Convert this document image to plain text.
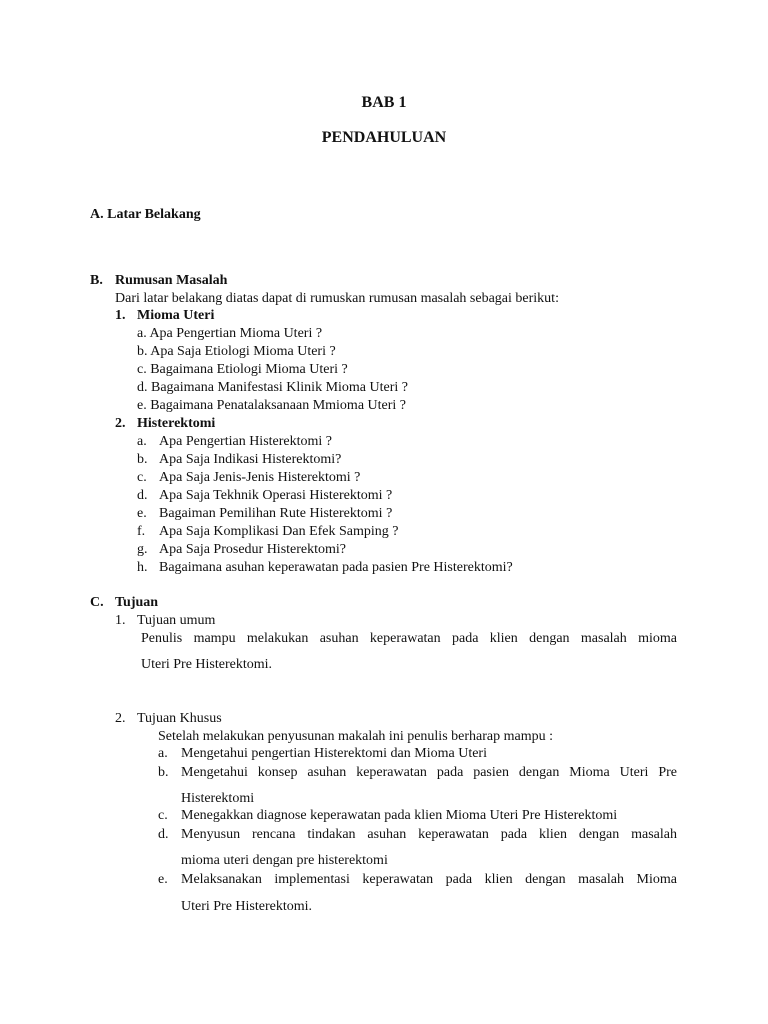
BAB 1
PENDAHULUAN
A. Latar Belakang
B. Rumusan Masalah
Dari latar belakang diatas dapat di rumuskan rumusan masalah sebagai berikut:
1. Mioma Uteri
a. Apa Pengertian Mioma Uteri ?
b. Apa Saja Etiologi Mioma Uteri ?
c. Bagaimana Etiologi Mioma Uteri ?
d. Bagaimana Manifestasi Klinik Mioma Uteri ?
e. Bagaimana Penatalaksanaan Mmioma Uteri ?
2. Histerektomi
a. Apa Pengertian Histerektomi ?
b. Apa Saja Indikasi Histerektomi?
c. Apa Saja Jenis-Jenis Histerektomi ?
d. Apa Saja Tekhnik Operasi Histerektomi ?
e. Bagaiman Pemilihan Rute Histerektomi ?
f. Apa Saja Komplikasi Dan Efek Samping ?
g. Apa Saja Prosedur Histerektomi?
h. Bagaimana asuhan keperawatan pada pasien Pre Histerektomi?
C. Tujuan
1. Tujuan umum
Penulis mampu melakukan asuhan keperawatan pada klien dengan masalah mioma
Uteri Pre Histerektomi.
2. Tujuan Khusus
Setelah melakukan penyusunan makalah ini penulis berharap mampu :
a. Mengetahui pengertian Histerektomi dan Mioma Uteri
b. Mengetahui konsep asuhan keperawatan pada pasien dengan Mioma Uteri Pre
Histerektomi
c. Menegakkan diagnose keperawatan pada klien Mioma Uteri Pre Histerektomi
d. Menyusun rencana tindakan asuhan keperawatan pada klien dengan masalah
mioma uteri dengan pre histerektomi
e. Melaksanakan implementasi keperawatan pada klien dengan masalah Mioma
Uteri Pre Histerektomi.
